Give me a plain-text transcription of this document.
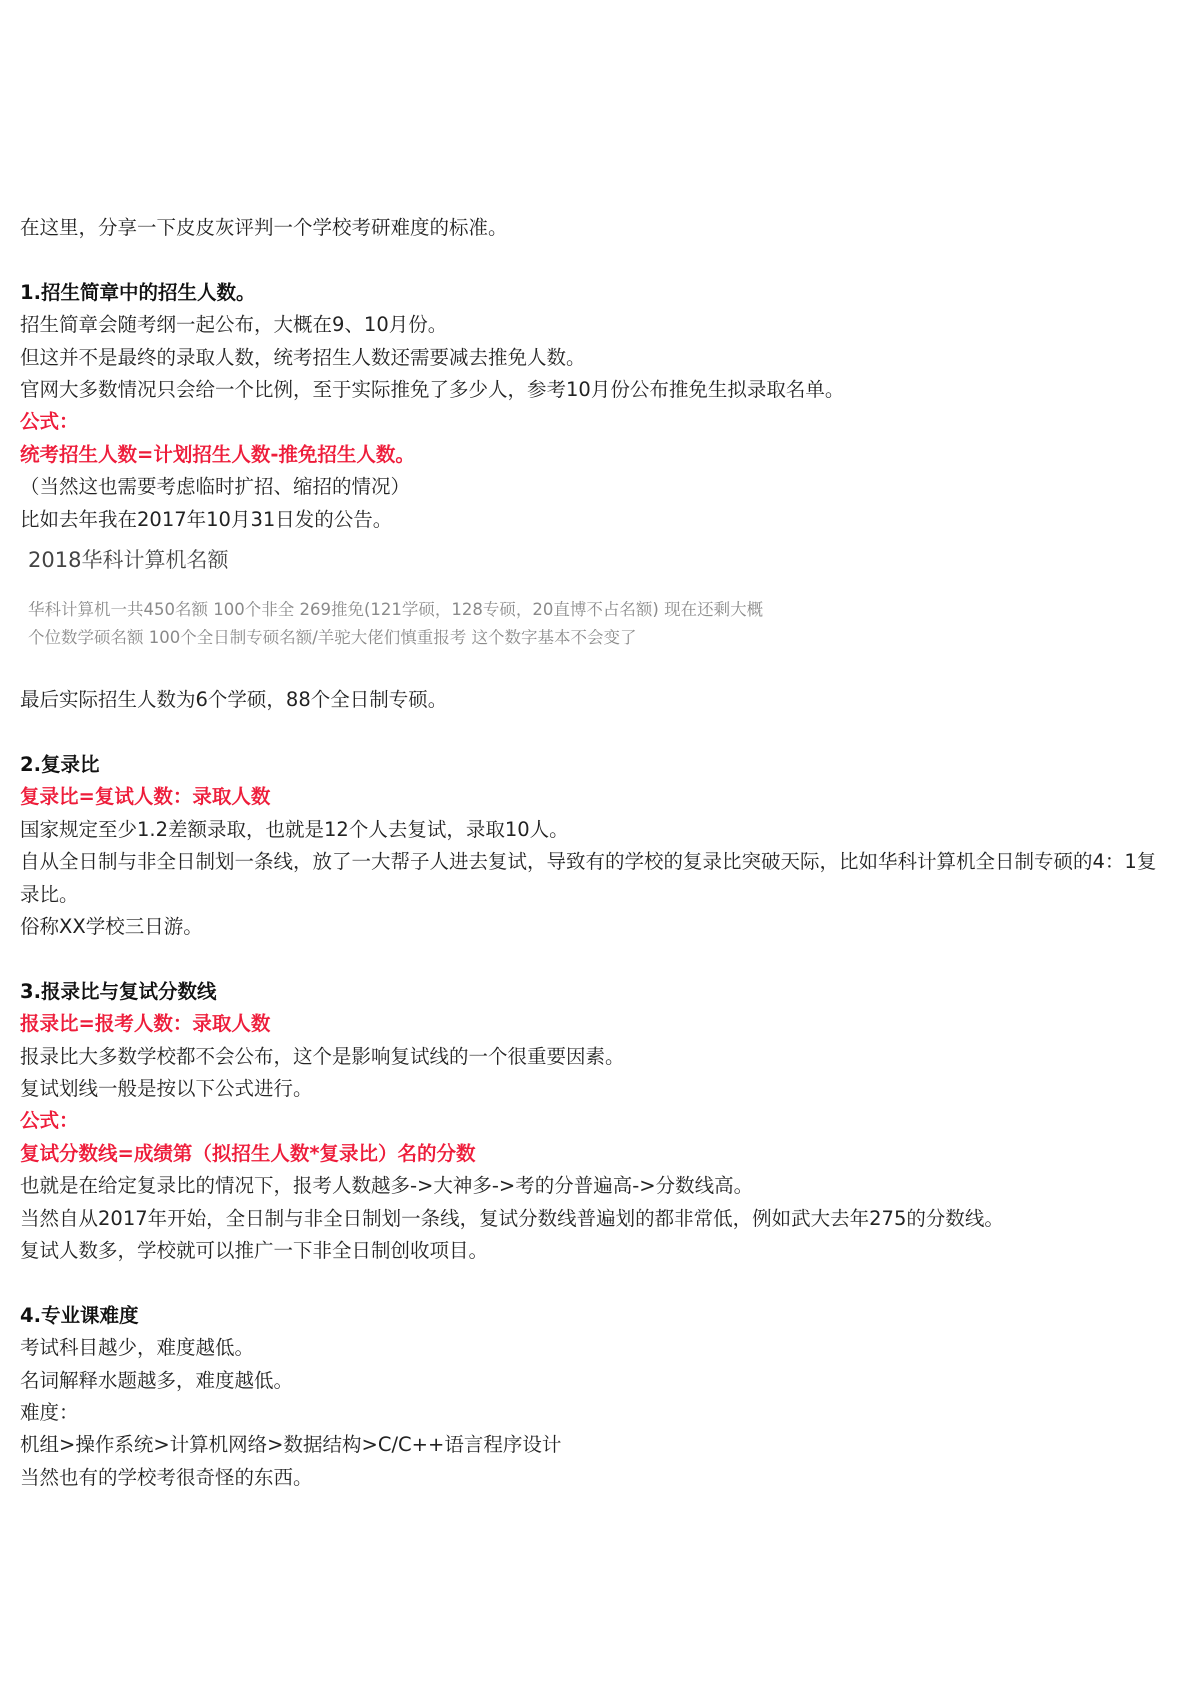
在这里，分享一下皮皮灰评判一个学校考研难度的标准。
1.招生简章中的招生人数。
招生简章会随考纲一起公布，大概在9、10月份。
但这并不是最终的录取人数，统考招生人数还需要减去推免人数。
官网大多数情况只会给一个比例，至于实际推免了多少人，参考10月份公布推免生拟录取名单。
公式：
统考招生人数=计划招生人数-推免招生人数。
（当然这也需要考虑临时扩招、缩招的情况）
比如去年我在2017年10月31日发的公告。
2018华科计算机名额
华科计算机一共450名额 100个非全 269推免(121学硕，128专硕，20直博不占名额) 现在还剩大概
个位数学硕名额 100个全日制专硕名额/羊驼大佬们慎重报考 这个数字基本不会变了
最后实际招生人数为6个学硕，88个全日制专硕。
2.复录比
复录比=复试人数：录取人数
国家规定至少1.2差额录取，也就是12个人去复试，录取10人。
自从全日制与非全日制划一条线，放了一大帮子人进去复试，导致有的学校的复录比突破天际，比如华科计算机全日制专硕的4：1复录比。
俗称XX学校三日游。
3.报录比与复试分数线
报录比=报考人数：录取人数
报录比大多数学校都不会公布，这个是影响复试线的一个很重要因素。
复试划线一般是按以下公式进行。
公式：
复试分数线=成绩第（拟招生人数*复录比）名的分数
也就是在给定复录比的情况下，报考人数越多->大神多->考的分普遍高->分数线高。
当然自从2017年开始，全日制与非全日制划一条线，复试分数线普遍划的都非常低，例如武大去年275的分数线。
复试人数多，学校就可以推广一下非全日制创收项目。
4.专业课难度
考试科目越少，难度越低。
名词解释水题越多，难度越低。
难度：
机组>操作系统>计算机网络>数据结构>C/C++语言程序设计
当然也有的学校考很奇怪的东西。
